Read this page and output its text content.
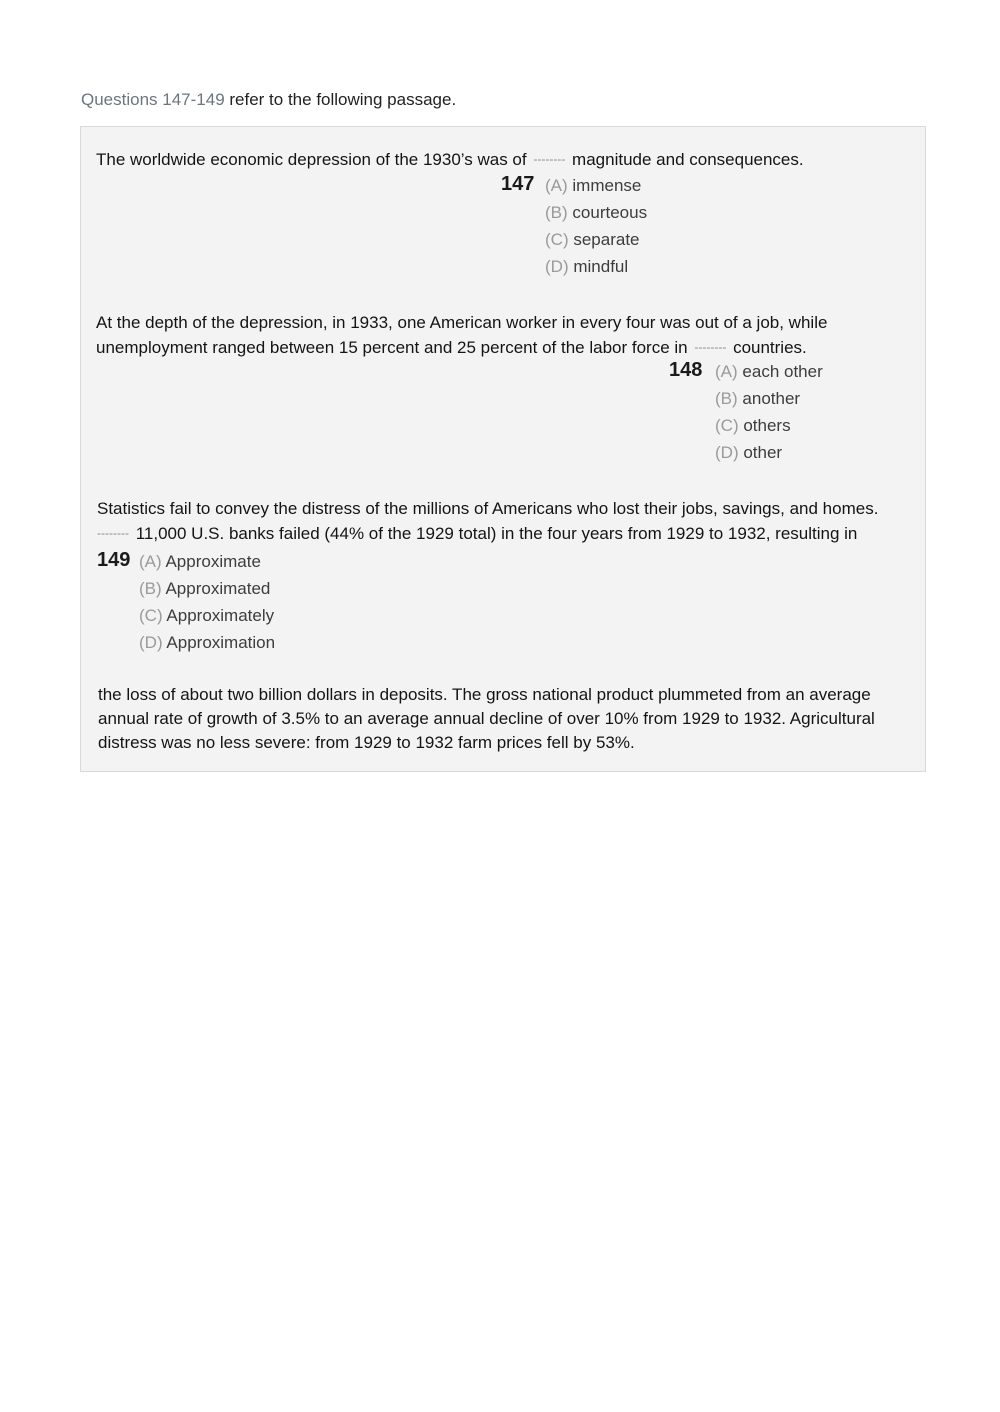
Questions 147-149 refer to the following passage.
The worldwide economic depression of the 1930’s was of -------- magnitude and consequences.
147 (A) immense
(B) courteous
(C) separate
(D) mindful
At the depth of the depression, in 1933, one American worker in every four was out of a job, while
unemployment ranged between 15 percent and 25 percent of the labor force in -------- countries.
148 (A) each other
(B) another
(C) others
(D) other
Statistics fail to convey the distress of the millions of Americans who lost their jobs, savings, and homes.
-------- 11,000 U.S. banks failed (44% of the 1929 total) in the four years from 1929 to 1932, resulting in
149 (A) Approximate
(B) Approximated
(C) Approximately
(D) Approximation
the loss of about two billion dollars in deposits. The gross national product plummeted from an average
annual rate of growth of 3.5% to an average annual decline of over 10% from 1929 to 1932. Agricultural
distress was no less severe: from 1929 to 1932 farm prices fell by 53%.
